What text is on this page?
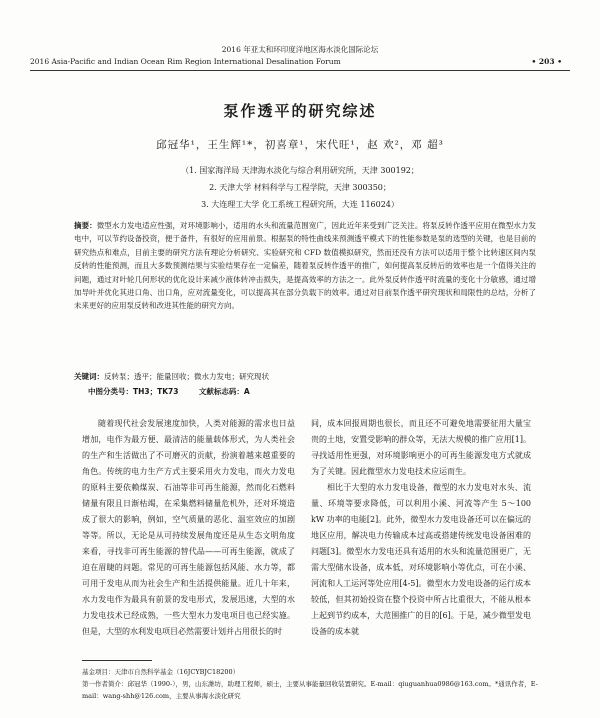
2016 年亚太和环印度洋地区海水淡化国际论坛
2016 Asia-Pacific and Indian Ocean Rim Region International Desalination Forum	• 203 •
泵作透平的研究综述
邱冠华¹，王生辉¹*，初喜章¹，宋代旺¹，赵 欢²，邓 超³
（1. 国家海洋局 天津海水淡化与综合利用研究所，天津 300192；
2. 天津大学 材料科学与工程学院，天津 300350；
3. 大连理工大学 化工系统工程研究所，大连 116024）
摘要：微型水力发电适应性强，对环境影响小，适用的水头和流量范围宽广，因此近年来受到广泛关注。将泵反转作透平应用在微型水力发电中，可以节约设备投资，便于备件，有很好的应用前景。根据泵的特性曲线来预测透平模式下的性能参数是泵的选型的关键，也是目前的研究热点和难点，目前主要的研究方法有理论分析研究、实验研究和 CFD 数值模拟研究，然而还没有方法可以适用于整个比转速区间内泵反转的性能预测，而且大多数预测结果与实验结果存在一定偏差，随着泵反转作透平的推广，如何提高泵反转后的效率也是一个值得关注的问题，通过对叶轮几何形状的优化设计来减少液体转冲击损失，是提高效率的方法之一。此外泵反转作透平时流量的变化十分敏感，通过增加导叶并优化其进口角、出口角，应对流量变化，可以提高其在部分负载下的效率。通过对目前泵作透平研究现状和局限性的总结，分析了未来更好的应用泵反转和改进其性能的研究方向。
关键词：反转泵；透平；能量回收；微水力发电；研究现状
中图分类号：TH3；TK73	文献标志码：A

随着现代社会发展速度加快，人类对能源的需求也日益增加，电作为最方便、最清洁的能量载体形式，为人类社会的生产和生活做出了不可磨灭的贡献，扮演着越来越重要的角色。传统的电力生产方式主要采用火力发电，而火力发电的原料主要依赖煤炭、石油等非可再生能源，然而化石燃料储量有限且日渐枯竭，在采集燃料储量危机外，还对环境造成了很大的影响，例如，空气质量的恶化、温室效应的加剧等等。所以，无论是从可持续发展角度还是从生态文明角度来看，寻找非可再生能源的替代品——可再生能源，就成了迫在眉睫的问题。常见的可再生能源包括风能、水力等，都可用于发电从而为社会生产和生活提供能量。近几十年来，水力发电作为最具有前景的发电形式，发展迅速，大型的水力发电技术已经成熟，一些大型水力发电项目也已经实施。但是，大型的水利发电项目必然需要计划并占用很长的时

间，成本回报周期也很长，而且还不可避免地需要征用大量宝贵的土地，安置受影响的群众等，无法大规模的推广应用[1]。寻找适用性更强，对环境影响更小的可再生能源发电方式就成为了关键。因此微型水力发电技术应运而生。

相比于大型的水力发电设备，微型的水力发电对水头、流量、环境等要求降低，可以利用小溪、河流等产生 5～100 kW 功率的电能[2]。此外，微型水力发电设备还可以在偏远的地区应用，解决电力传输成本过高或搭建传统发电设备困难的问题[3]。微型水力发电还具有适用的水头和流量范围更广，无需大型储水设备，成本低，对环境影响小等优点，可在小溪、河流和人工运河等处应用[4-5]。微型水力发电设备的运行成本较低，但其初始投资在整个投资中所占比重很大，不能从根本上起到节约成本，大范围推广的目的[6]。于是，减少微型发电设备的成本就

基金项目：天津市自然科学基金（16JCYBJC18200）
第一作者简介：邱冠华（1990-），男，山东潍坊，助理工程师，硕士，主要从事能量回收装置研究。E-mail：qiuguanhua0986@163.com。*通讯作者，E-mail：wang-shh@126.com，主要从事海水淡化研究
